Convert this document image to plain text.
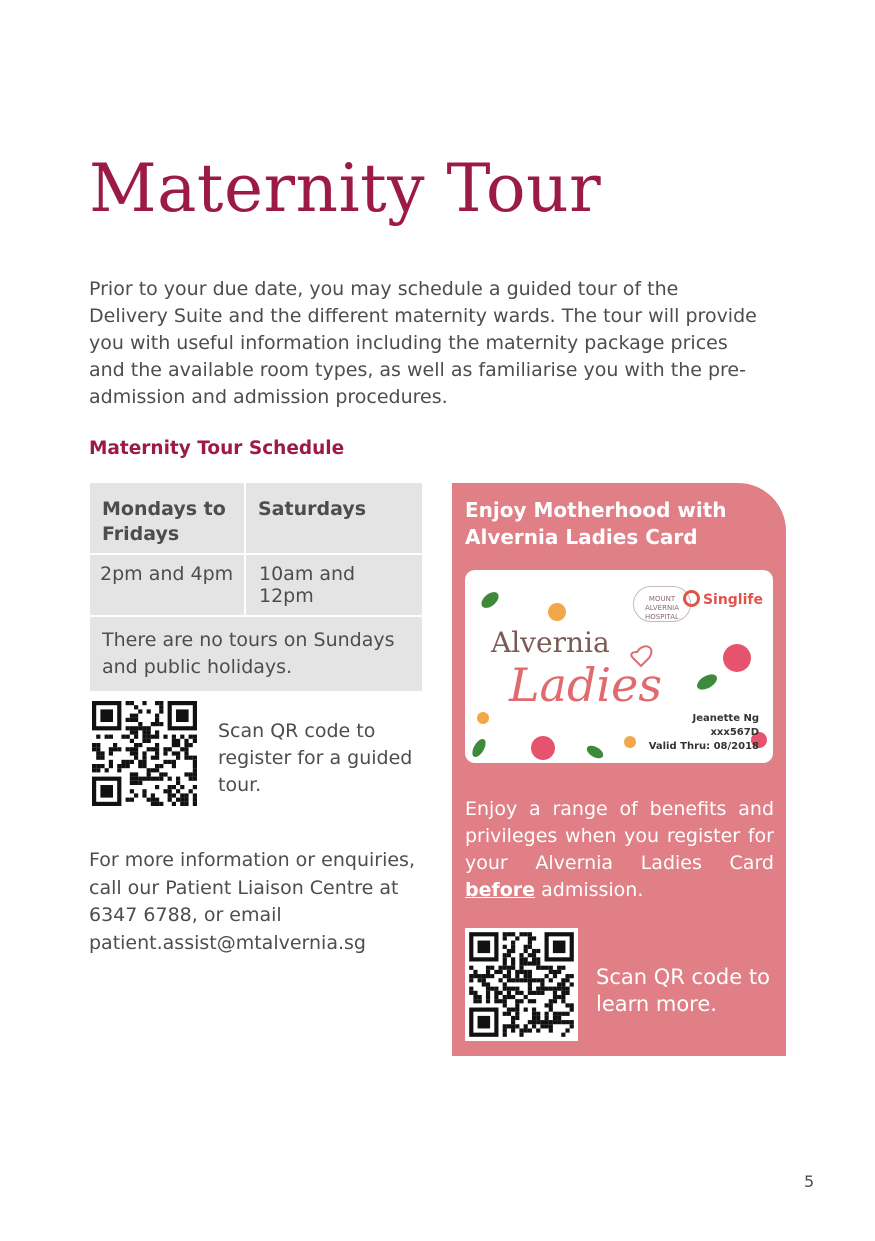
Maternity Tour
Prior to your due date, you may schedule a guided tour of the Delivery Suite and the different maternity wards. The tour will provide you with useful information including the maternity package prices and the available room types, as well as familiarise you with the pre-admission and admission procedures.
Maternity Tour Schedule
Mondays to Fridays	Saturdays
2pm and 4pm	10am and 12pm
There are no tours on Sundays and public holidays.	
Scan QR code to register for a guided tour.
For more information or enquiries, call our Patient Liaison Centre at 6347 6788, or email patient.assist@mtalvernia.sg
Enjoy Motherhood with Alvernia Ladies Card
MOUNT ALVERNIA HOSPITAL
Singlife
Alvernia
Ladies
Jeanette Ng
xxx567D
Valid Thru: 08/2018
Enjoy a range of benefits and privileges when you register for your Alvernia Ladies Card before admission.
Scan QR code to learn more.
5
